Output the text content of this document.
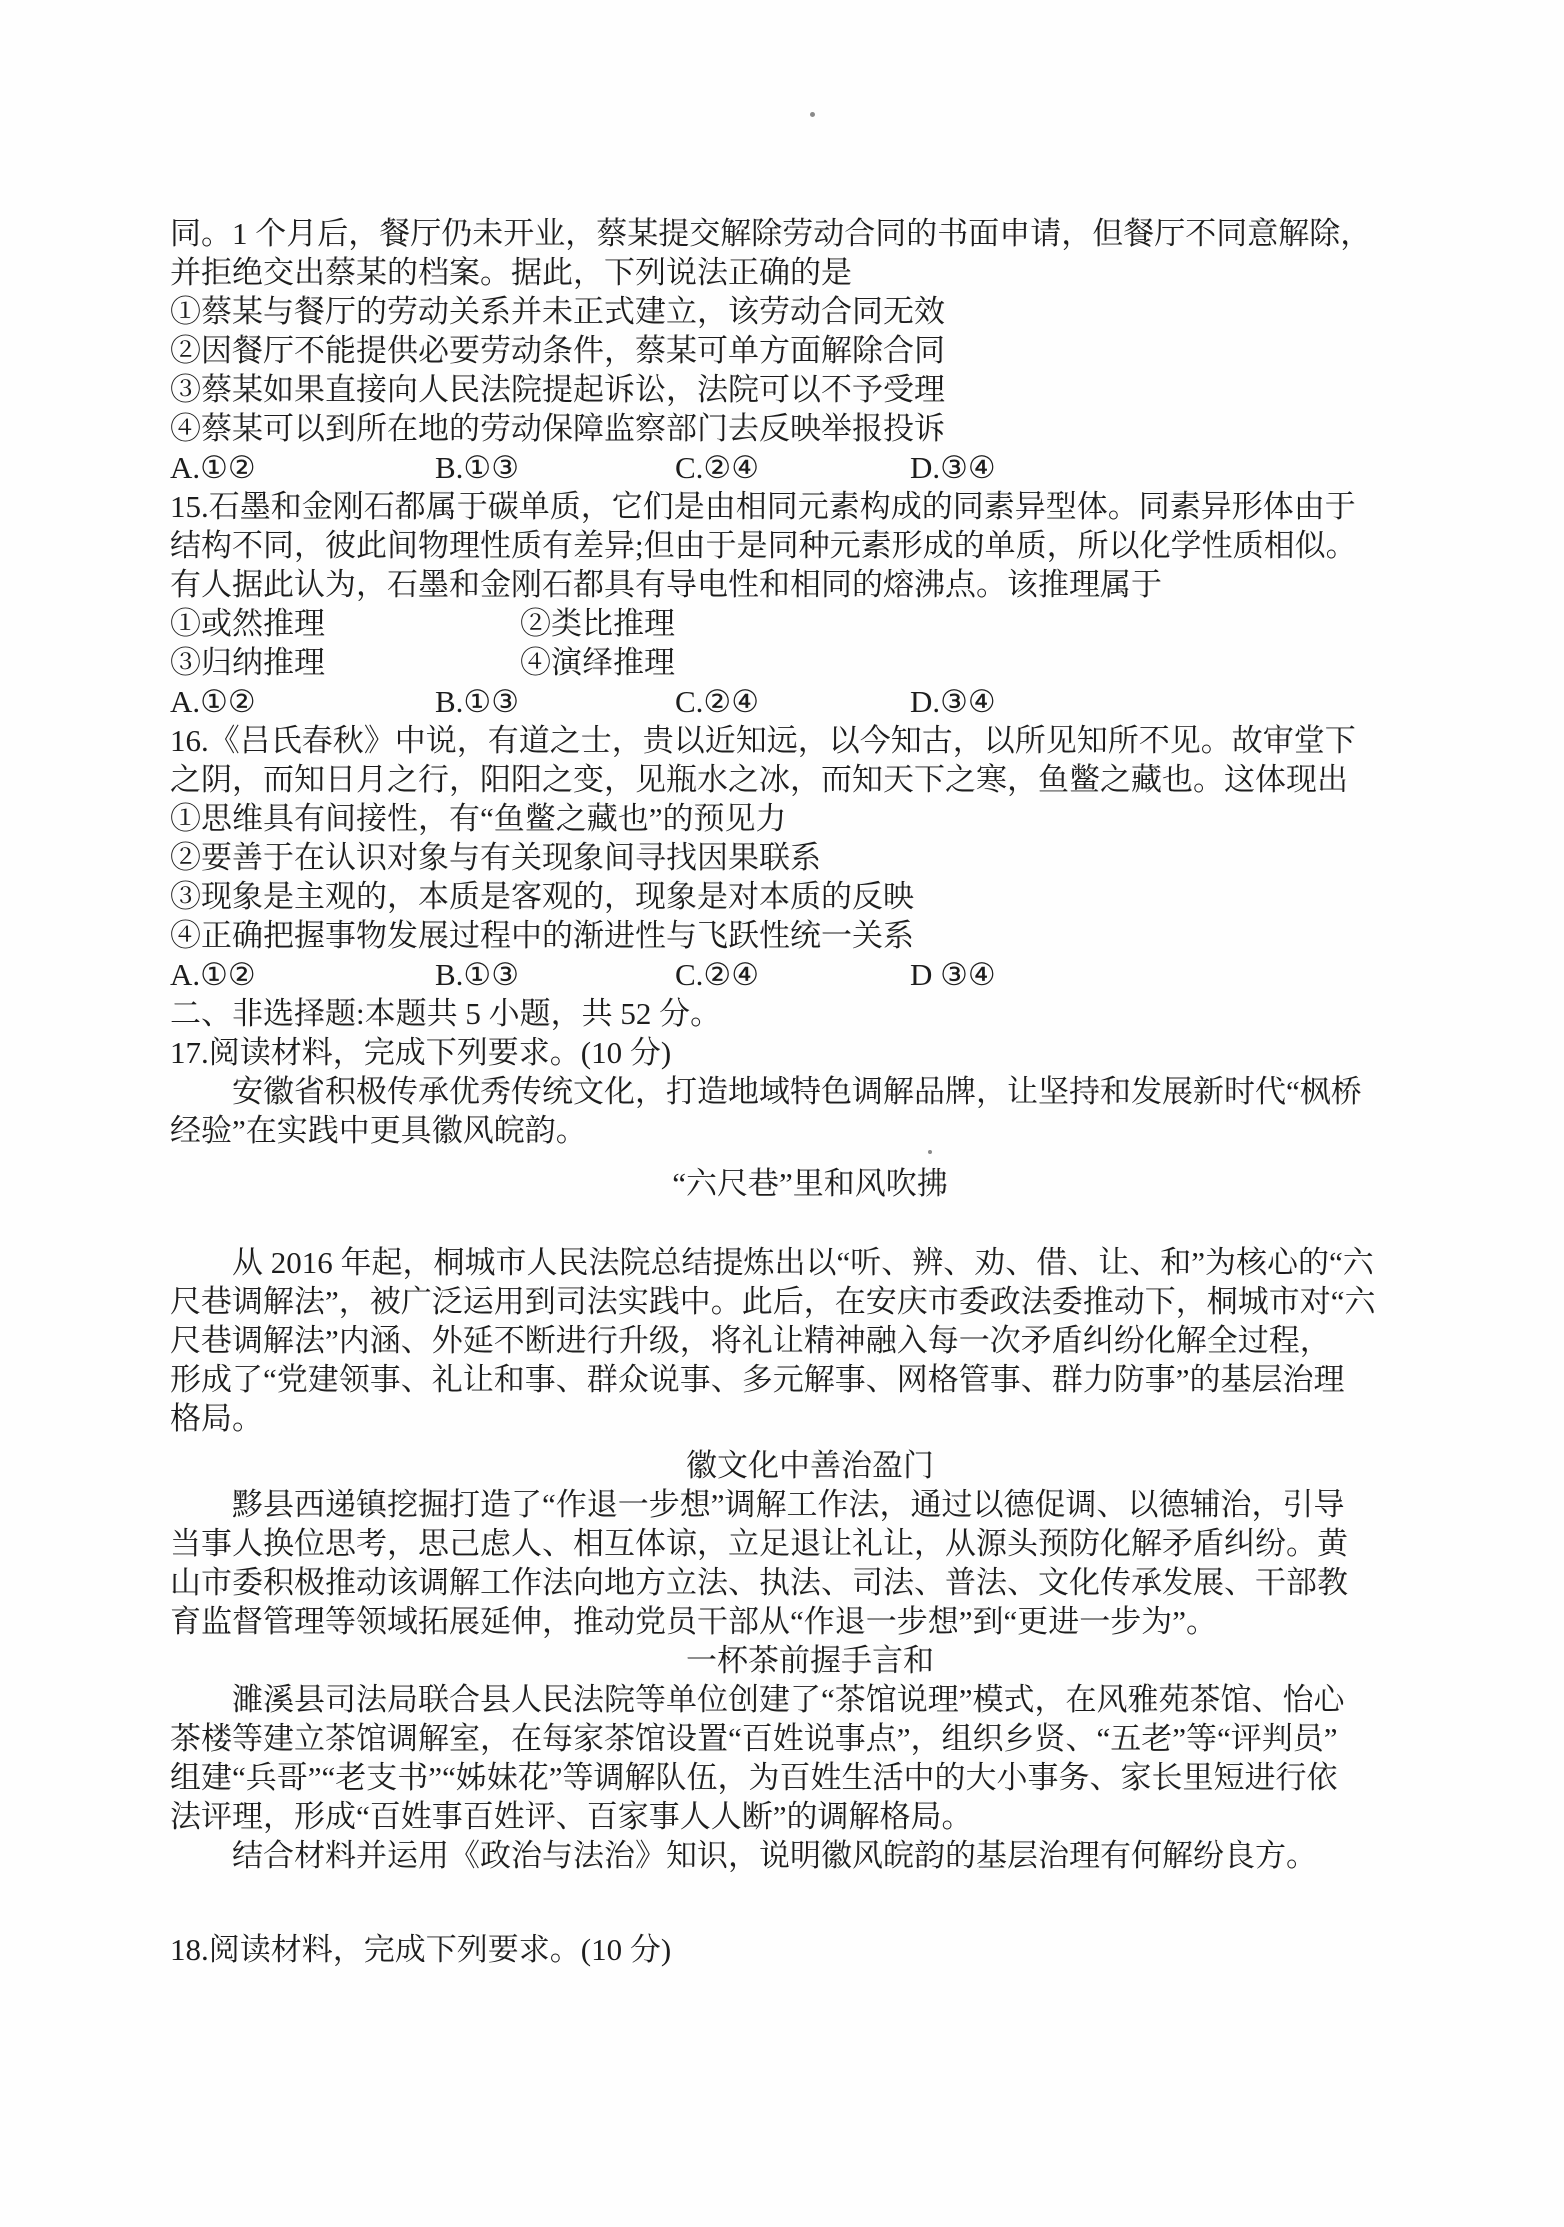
同。1 个月后，餐厅仍未开业，蔡某提交解除劳动合同的书面申请，但餐厅不同意解除，
并拒绝交出蔡某的档案。据此，下列说法正确的是
①蔡某与餐厅的劳动关系并未正式建立，该劳动合同无效
②因餐厅不能提供必要劳动条件，蔡某可单方面解除合同
③蔡某如果直接向人民法院提起诉讼，法院可以不予受理
④蔡某可以到所在地的劳动保障监察部门去反映举报投诉
A.①②	B.①③	C.②④	D.③④
15.石墨和金刚石都属于碳单质，它们是由相同元素构成的同素异型体。同素异形体由于
结构不同，彼此间物理性质有差异;但由于是同种元素形成的单质，所以化学性质相似。
有人据此认为，石墨和金刚石都具有导电性和相同的熔沸点。该推理属于
①或然推理	②类比推理
③归纳推理	④演绎推理
A.①②	B.①③	C.②④	D.③④
16.《吕氏春秋》中说，有道之士，贵以近知远，以今知古，以所见知所不见。故审堂下
之阴，而知日月之行，阳阳之变，见瓶水之冰，而知天下之寒，鱼鳖之藏也。这体现出
①思维具有间接性，有“鱼鳖之藏也”的预见力
②要善于在认识对象与有关现象间寻找因果联系
③现象是主观的，本质是客观的，现象是对本质的反映
④正确把握事物发展过程中的渐进性与飞跃性统一关系
A.①②	B.①③	C.②④	D ③④
二、非选择题:本题共 5 小题，共 52 分。
17.阅读材料，完成下列要求。(10 分)
安徽省积极传承优秀传统文化，打造地域特色调解品牌，让坚持和发展新时代“枫桥
经验”在实践中更具徽风皖韵。
“六尺巷”里和风吹拂
从 2016 年起，桐城市人民法院总结提炼出以“听、辨、劝、借、让、和”为核心的“六
尺巷调解法”，被广泛运用到司法实践中。此后，在安庆市委政法委推动下，桐城市对“六
尺巷调解法”内涵、外延不断进行升级，将礼让精神融入每一次矛盾纠纷化解全过程，
形成了“党建领事、礼让和事、群众说事、多元解事、网格管事、群力防事”的基层治理
格局。
徽文化中善治盈门
黟县西递镇挖掘打造了“作退一步想”调解工作法，通过以德促调、以德辅治，引导
当事人换位思考，思己虑人、相互体谅，立足退让礼让，从源头预防化解矛盾纠纷。黄
山市委积极推动该调解工作法向地方立法、执法、司法、普法、文化传承发展、干部教
育监督管理等领域拓展延伸，推动党员干部从“作退一步想”到“更进一步为”。
一杯茶前握手言和
濉溪县司法局联合县人民法院等单位创建了“茶馆说理”模式，在风雅苑茶馆、怡心
茶楼等建立茶馆调解室，在每家茶馆设置“百姓说事点”，组织乡贤、“五老”等“评判员”
组建“兵哥”“老支书”“姊妹花”等调解队伍，为百姓生活中的大小事务、家长里短进行依
法评理，形成“百姓事百姓评、百家事人人断”的调解格局。
结合材料并运用《政治与法治》知识，说明徽风皖韵的基层治理有何解纷良方。
18.阅读材料，完成下列要求。(10 分)
